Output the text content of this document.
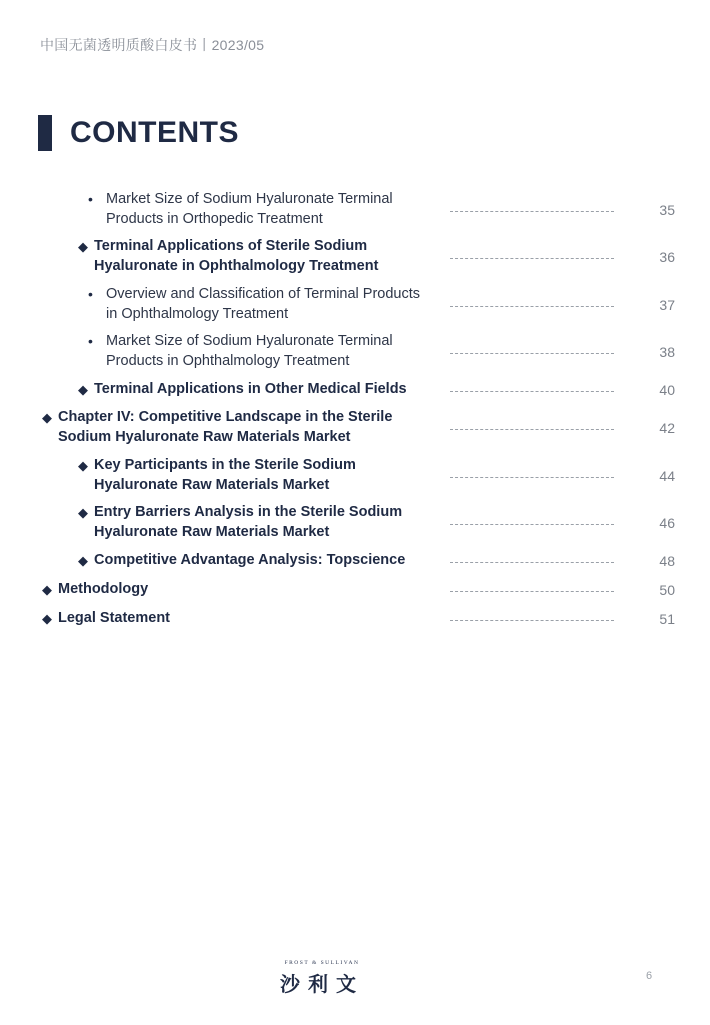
中国无菌透明质酸白皮书丨2023/05
CONTENTS
• Market Size of Sodium Hyaluronate Terminal Products in Orthopedic Treatment
35
◆ Terminal Applications of Sterile Sodium Hyaluronate in Ophthalmology Treatment
36
• Overview and Classification of Terminal Products in Ophthalmology Treatment
37
• Market Size of Sodium Hyaluronate Terminal Products in Ophthalmology Treatment
38
◆ Terminal Applications in Other Medical Fields	40
◆ Chapter IV: Competitive Landscape in the Sterile Sodium Hyaluronate Raw Materials Market
42
◆ Key Participants in the Sterile Sodium Hyaluronate Raw Materials Market
44
◆ Entry Barriers Analysis in the Sterile Sodium Hyaluronate Raw Materials Market
46
◆ Competitive Advantage Analysis: Topscience	48
◆ Methodology	50
◆ Legal Statement	51
FROST & SULLIVAN
沙利文	6
